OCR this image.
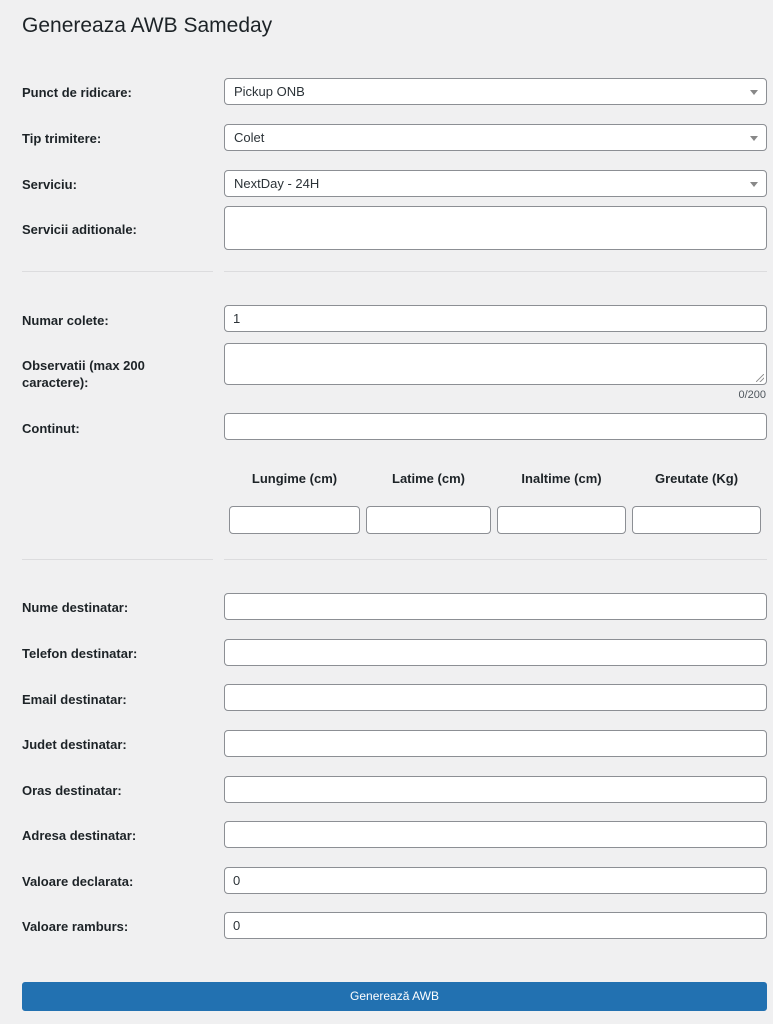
Genereaza AWB Sameday
Punct de ridicare:	Pickup ONB
Tip trimitere:	Colet
Serviciu:	NextDay - 24H
Servicii aditionale:
Numar colete:	1
Observatii (max 200
caractere):
0/200
Continut:
Lungime (cm)	Latime (cm)	Inaltime (cm)	Greutate (Kg)
Nume destinatar:
Telefon destinatar:
Email destinatar:
Judet destinatar:
Oras destinatar:
Adresa destinatar:
Valoare declarata:	0
Valoare ramburs:	0
Generează AWB
